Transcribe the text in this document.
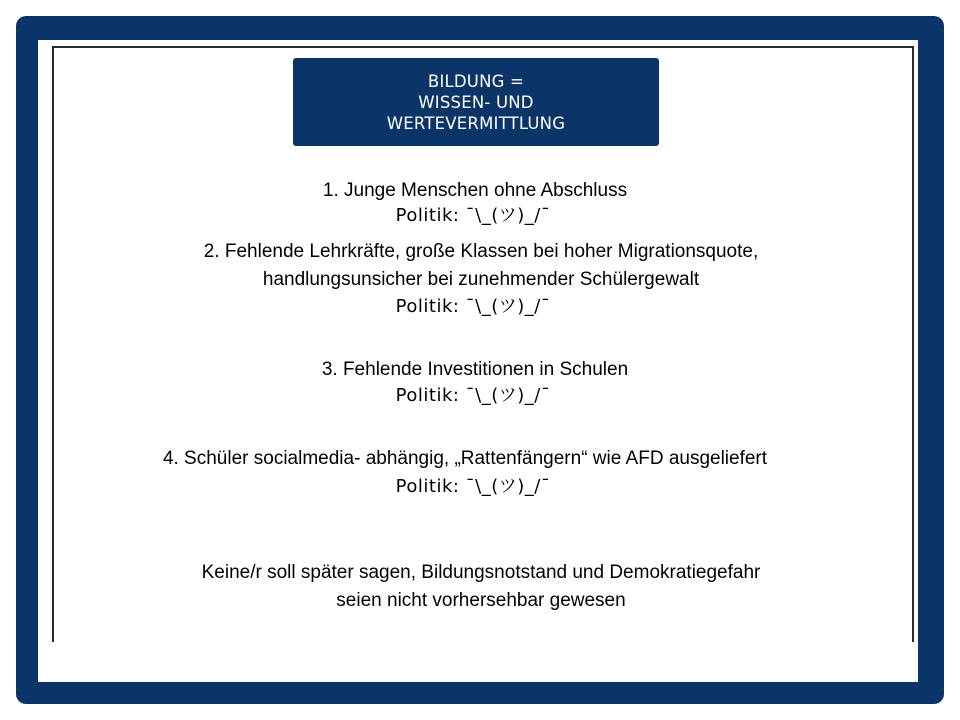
BILDUNG =
WISSEN- UND
WERTEVERMITTLUNG
1. Junge Menschen ohne Abschluss
Politik: ¯\_(ツ)_/¯
2. Fehlende Lehrkräfte, große Klassen bei hoher Migrationsquote,
handlungsunsicher bei zunehmender Schülergewalt
Politik: ¯\_(ツ)_/¯
3. Fehlende Investitionen in Schulen
Politik: ¯\_(ツ)_/¯
4. Schüler socialmedia- abhängig, „Rattenfängern“ wie AFD ausgeliefert
Politik: ¯\_(ツ)_/¯
Keine/r soll später sagen, Bildungsnotstand und Demokratiegefahr
seien nicht vorhersehbar gewesen
